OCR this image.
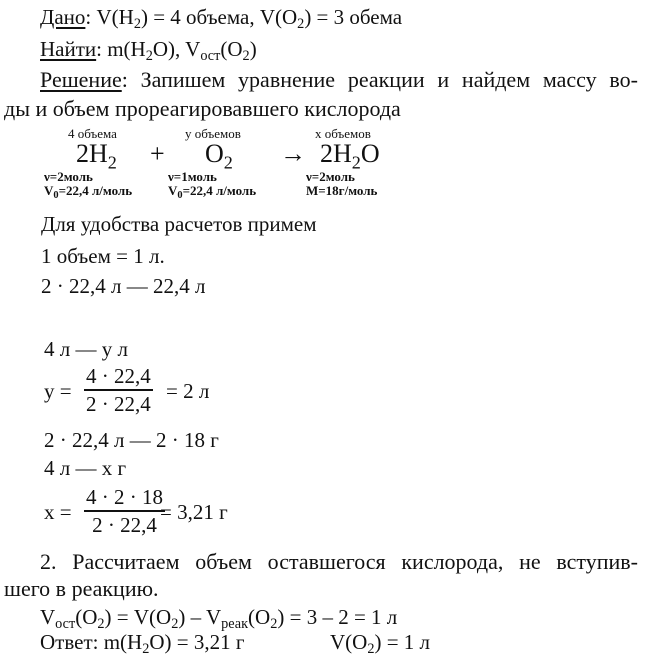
Дано: $V(H_2) = 4$ объема, $V(O_2) = 3$ обема
Найти: $m(H_2O)$, $V_{ост}(O_2)$
Решение: Запишем уравнение реакции и найдем массу во-
ды и объем прореагировавшего кислорода
4 объема
$2H_2$
ν=2моль
$V_0=22,4$ л/моль
+
у объемов
$O_2$
ν=1моль
$V_0=22,4$ л/моль
→
х объемов
$2H_2O$
ν=2моль
M=18г/моль
Для удобства расчетов примем
1 объем = 1 л.
2 · 22,4 л — 22,4 л
4 л — у л
$у = \frac{4 \cdot 22,4}{2 \cdot 22,4} = 2$ л
2 · 22,4 л — 2 · 18 г
4 л — х г
$х = \frac{4 \cdot 2 \cdot 18}{2 \cdot 22,4}$
= 3,21 г
2. Рассчитаем объем оставшегося кислорода, не вступив-
шего в реакцию.
$V_{ост}(O_2) = V(O_2) - V_{реак}(O_2) = 3 - 2 = 1$ л
Ответ: $m(H_2O) = 3,21$ г	$V(O_2) = 1$ л
